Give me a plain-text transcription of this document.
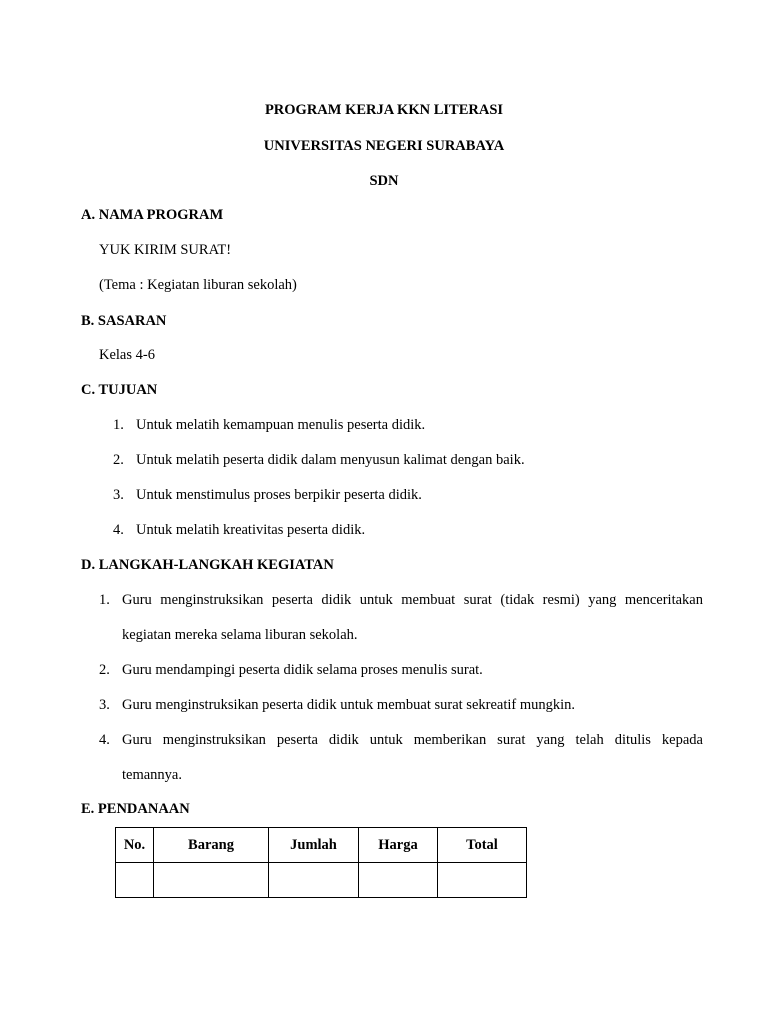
PROGRAM KERJA KKN LITERASI
UNIVERSITAS NEGERI SURABAYA
SDN
A. NAMA PROGRAM
YUK KIRIM SURAT!
(Tema : Kegiatan liburan sekolah)
B. SASARAN
Kelas 4-6
C. TUJUAN
1. Untuk melatih kemampuan menulis peserta didik.
2. Untuk melatih peserta didik dalam menyusun kalimat dengan baik.
3. Untuk menstimulus proses berpikir peserta didik.
4. Untuk melatih kreativitas peserta didik.
D. LANGKAH-LANGKAH KEGIATAN
1. Guru menginstruksikan peserta didik untuk membuat surat (tidak resmi) yang menceritakan
kegiatan mereka selama liburan sekolah.
2. Guru mendampingi peserta didik selama proses menulis surat.
3. Guru menginstruksikan peserta didik untuk membuat surat sekreatif mungkin.
4. Guru menginstruksikan peserta didik untuk memberikan surat yang telah ditulis kepada
temannya.
E. PENDANAAN
No.	Barang	Jumlah	Harga	Total
